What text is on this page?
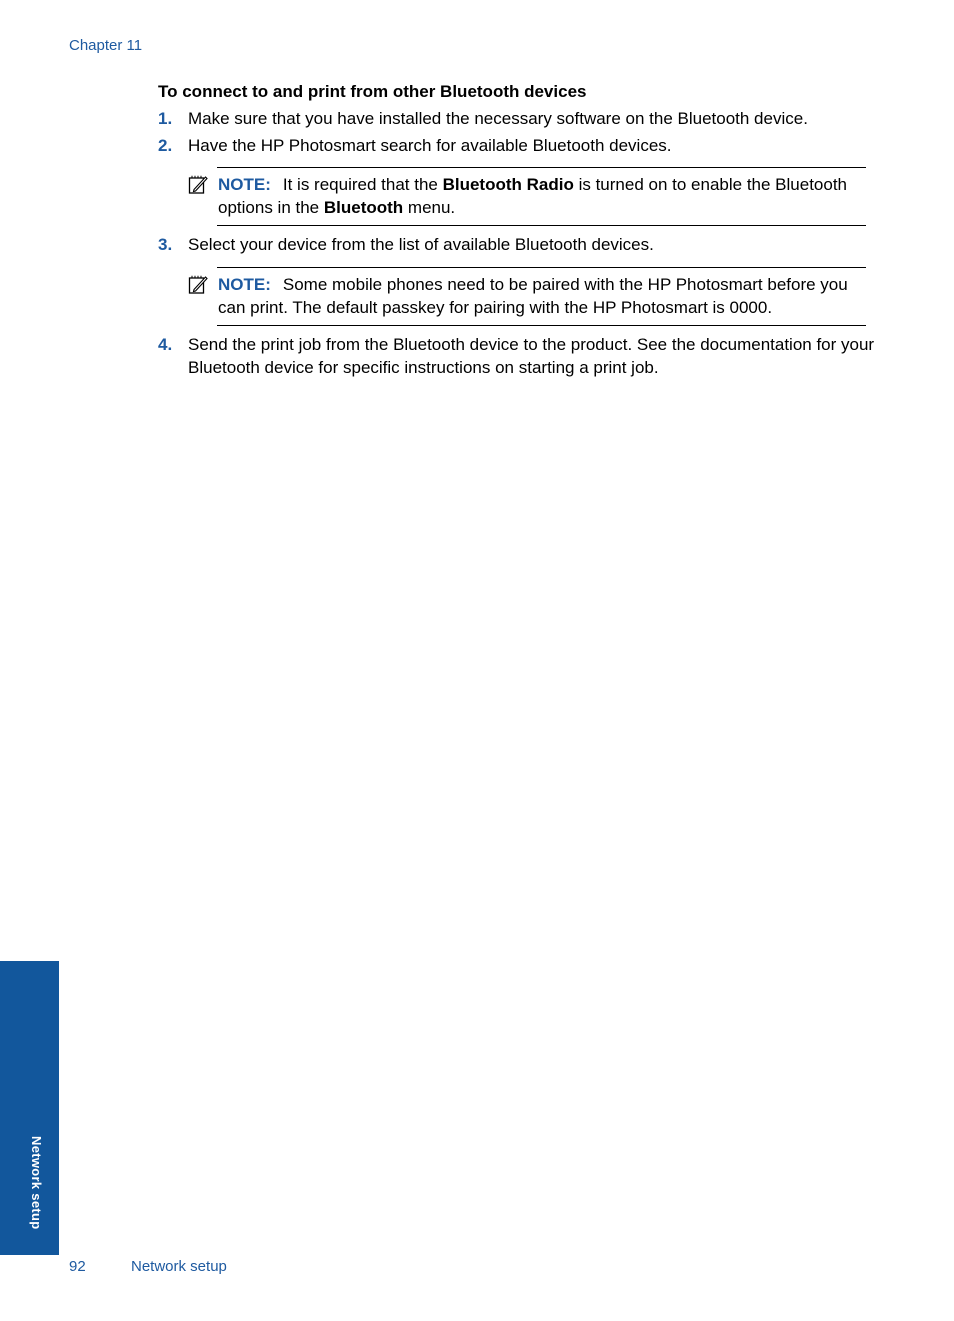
Chapter 11
To connect to and print from other Bluetooth devices
1. Make sure that you have installed the necessary software on the Bluetooth device.
2. Have the HP Photosmart search for available Bluetooth devices.
NOTE: It is required that the Bluetooth Radio is turned on to enable the Bluetooth options in the Bluetooth menu.
3. Select your device from the list of available Bluetooth devices.
NOTE: Some mobile phones need to be paired with the HP Photosmart before you can print. The default passkey for pairing with the HP Photosmart is 0000.
4. Send the print job from the Bluetooth device to the product. See the documentation for your Bluetooth device for specific instructions on starting a print job.
Network setup
92	Network setup
